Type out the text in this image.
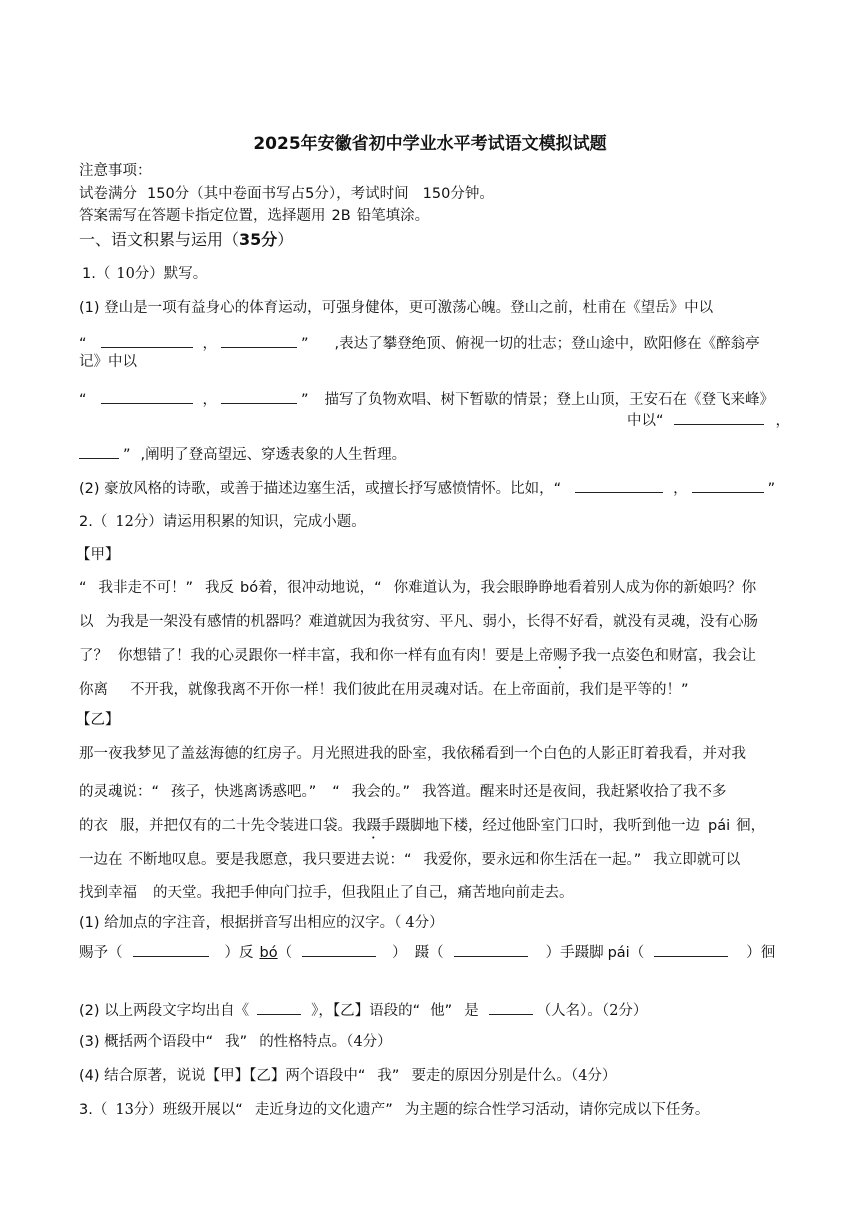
2025年安徽省初中学业水平考试语文模拟试题
注意事项：
试卷满分 150分（其中卷面书写占5分），考试时间 150分钟。
答案需写在答题卡指定位置，选择题用 2B 铅笔填涂。
一、语文积累与运用（35分）
1.（ 10分）默写。
(1) 登山是一项有益身心的体育运动，可强身健体，更可激荡心魄。登山之前，杜甫在《望岳》中以
“	，	” ,表达了攀登绝顶、俯视一切的壮志；登山途中，欧阳修在《醉翁亭
记》中以
“	，	” 描写了负物欢唱、树下暂歇的情景；登上山顶，王安石在《登飞来峰》
中以“	，
” ,阐明了登高望远、穿透表象的人生哲理。
(2) 豪放风格的诗歌，或善于描述边塞生活，或擅长抒写感愤情怀。比如，“	，	”
2.（ 12分）请运用积累的知识，完成小题。
【甲】
“ 我非走不可！” 我反 bó着，很冲动地说，“ 你难道认为，我会眼睁睁地看着别人成为你的新娘吗？你
以 为我是一架没有感情的机器吗？难道就因为我贫穷、平凡、弱小，长得不好看，就没有灵魂，没有心肠
了？ 你想错了！我的心灵跟你一样丰富，我和你一样有血有肉！要是上帝赐予我一点姿色和财富，我会让
你离 不开我，就像我离不开你一样！我们彼此在用灵魂对话。在上帝面前，我们是平等的！”
【乙】
那一夜我梦见了盖兹海德的红房子。月光照进我的卧室，我依稀看到一个白色的人影正盯着我看，并对我
的灵魂说：“ 孩子，快逃离诱惑吧。” “ 我会的。” 我答道。醒来时还是夜间，我赶紧收拾了我不多
的衣 服，并把仅有的二十先令装进口袋。我蹑手蹑脚地下楼，经过他卧室门口时，我听到他一边 pái 徊，
一边在 不断地叹息。要是我愿意，我只要进去说：“ 我爱你，要永远和你生活在一起。” 我立即就可以
找到幸福 的天堂。我把手伸向门拉手，但我阻止了自己，痛苦地向前走去。
(1) 给加点的字注音，根据拼音写出相应的汉字。（ 4分）
赐予（	）反 bó（	） 蹑（	）手蹑脚 pái（	）徊
(2) 以上两段文字均出自《	》，【乙】语段的“ 他” 是	（人名）。（2分）
(3) 概括两个语段中“ 我” 的性格特点。（4分）
(4) 结合原著，说说【甲】【乙】两个语段中“ 我” 要走的原因分别是什么。（4分）
3.（ 13分）班级开展以“ 走近身边的文化遗产” 为主题的综合性学习活动，请你完成以下任务。
